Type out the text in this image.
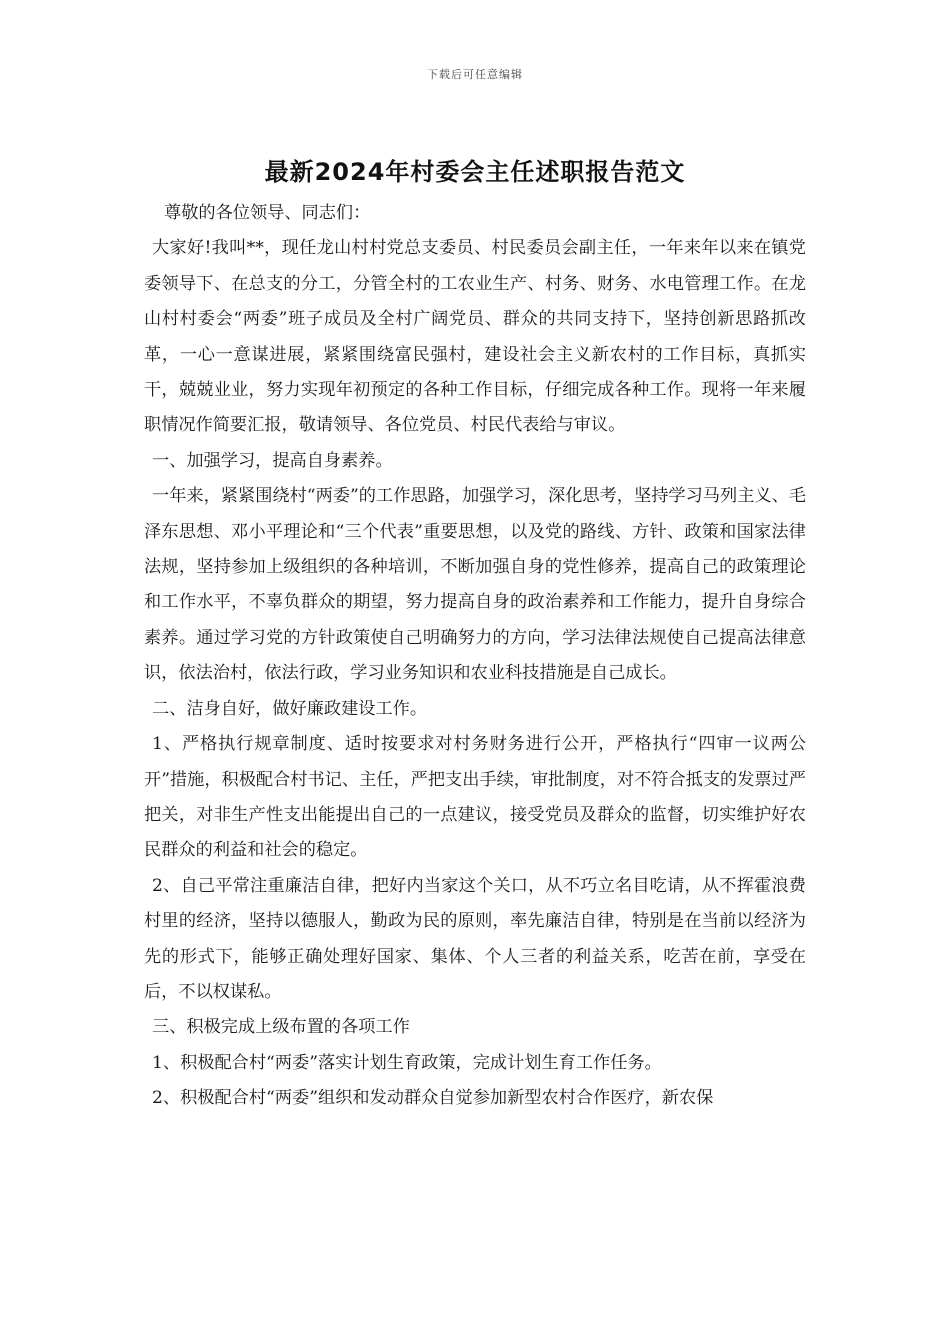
下载后可任意编辑
最新2024年村委会主任述职报告范文

尊敬的各位领导、同志们：

大家好!我叫**，现任龙山村村党总支委员、村民委员会副主任，一年来年以来在镇党委领导下、在总支的分工，分管全村的工农业生产、村务、财务、水电管理工作。在龙山村村委会“两委”班子成员及全村广阔党员、群众的共同支持下，坚持创新思路抓改革，一心一意谋进展，紧紧围绕富民强村，建设社会主义新农村的工作目标，真抓实干，兢兢业业，努力实现年初预定的各种工作目标，仔细完成各种工作。现将一年来履职情况作简要汇报，敬请领导、各位党员、村民代表给与审议。

一、加强学习，提高自身素养。

一年来，紧紧围绕村“两委”的工作思路，加强学习，深化思考，坚持学习马列主义、毛泽东思想、邓小平理论和“三个代表”重要思想，以及党的路线、方针、政策和国家法律法规，坚持参加上级组织的各种培训，不断加强自身的党性修养，提高自己的政策理论和工作水平，不辜负群众的期望，努力提高自身的政治素养和工作能力，提升自身综合素养。通过学习党的方针政策使自己明确努力的方向，学习法律法规使自己提高法律意识，依法治村，依法行政，学习业务知识和农业科技措施是自己成长。

二、洁身自好，做好廉政建设工作。

1、严格执行规章制度、适时按要求对村务财务进行公开，严格执行“四审一议两公开”措施，积极配合村书记、主任，严把支出手续，审批制度，对不符合抵支的发票过严把关，对非生产性支出能提出自己的一点建议，接受党员及群众的监督，切实维护好农民群众的利益和社会的稳定。

2、自己平常注重廉洁自律，把好内当家这个关口，从不巧立名目吃请，从不挥霍浪费村里的经济，坚持以德服人，勤政为民的原则，率先廉洁自律，特别是在当前以经济为先的形式下，能够正确处理好国家、集体、个人三者的利益关系，吃苦在前，享受在后，不以权谋私。

三、积极完成上级布置的各项工作

1、积极配合村“两委”落实计划生育政策，完成计划生育工作任务。

2、积极配合村“两委”组织和发动群众自觉参加新型农村合作医疗，新农保
